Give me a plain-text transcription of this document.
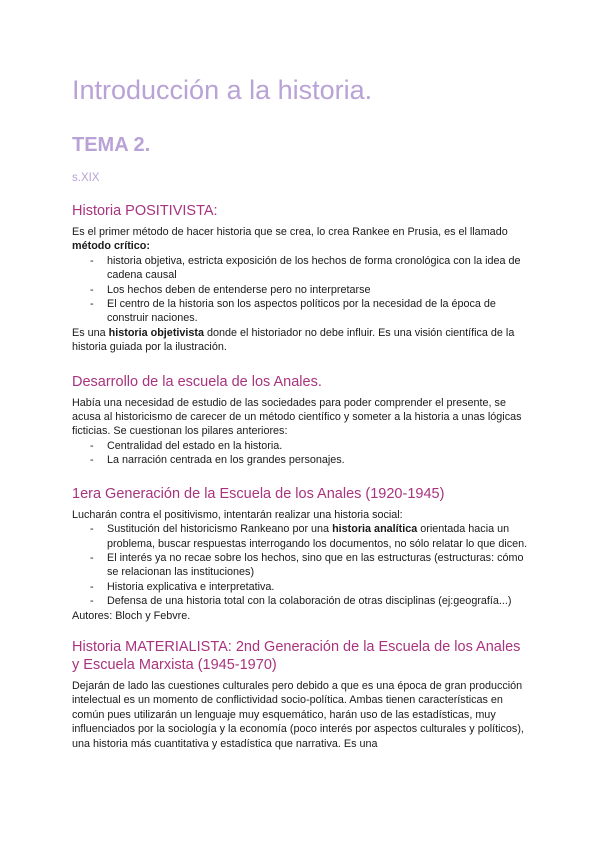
Introducción a la historia.
TEMA 2.
s.XIX
Historia POSITIVISTA:

Es el primer método de hacer historia que se crea, lo crea Rankee en Prusia, es el llamado método crítico:

- historia objetiva, estricta exposición de los hechos de forma cronológica con la idea de cadena causal
- Los hechos deben de entenderse pero no interpretarse
- El centro de la historia son los aspectos políticos por la necesidad de la época de construir naciones.

Es una historia objetivista donde el historiador no debe influir. Es una visión científica de la historia guiada por la ilustración.

Desarrollo de la escuela de los Anales.

Había una necesidad de estudio de las sociedades para poder comprender el presente, se acusa al historicismo de carecer de un método científico y someter a la historia a unas lógicas ficticias. Se cuestionan los pilares anteriores:

- Centralidad del estado en la historia.
- La narración centrada en los grandes personajes.
1era Generación de la Escuela de los Anales (1920-1945)

Lucharán contra el positivismo, intentarán realizar una historia social:

- Sustitución del historicismo Rankeano por una historia analítica orientada hacia un problema, buscar respuestas interrogando los documentos, no sólo relatar lo que dicen.
- El interés ya no recae sobre los hechos, sino que en las estructuras (estructuras: cómo se relacionan las instituciones)
- Historia explicativa e interpretativa.
- Defensa de una historia total con la colaboración de otras disciplinas (ej:geografía...)

Autores: Bloch y Febvre.

Historia MATERIALISTA: 2nd Generación de la Escuela de los Anales y Escuela Marxista (1945-1970)

Dejarán de lado las cuestiones culturales pero debido a que es una época de gran producción intelectual es un momento de conflictividad socio-política. Ambas tienen características en común pues utilizarán un lenguaje muy esquemático, harán uso de las estadísticas, muy influenciados por la sociología y la economía (poco interés por aspectos culturales y políticos), una historia más cuantitativa y estadística que narrativa. Es una
